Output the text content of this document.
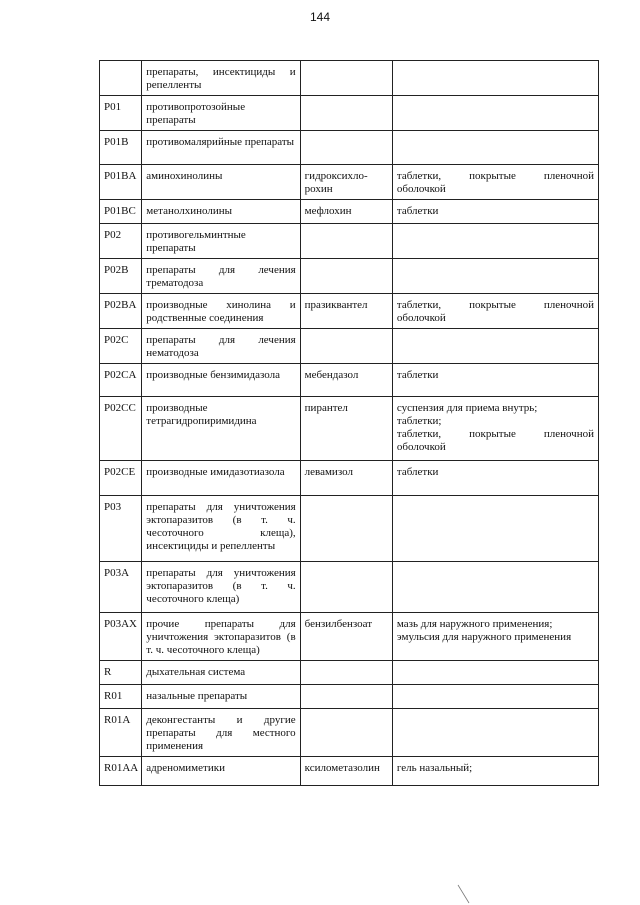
144
	препараты, инсектициды и репелленты		
P01	противопротозойные препараты		
P01B	противомалярийные препараты		
P01BA	аминохинолины	гидроксихло-рохин	таблетки, покрытые пленочной оболочкой

P01BC	метанолхинолины	мефлохин	таблетки

P02	противогельминтные препараты		
P02B	препараты для лечения трематодоза		
P02BA	производные хинолина и родственные соединения	празиквантел	таблетки, покрытые пленочной оболочкой

P02C	препараты для лечения нематодоза		
P02CA	производные бензимидазола	мебендазол	таблетки

P02CC	производные тетрагидропиримидина	пирантел	суспензия для приема внутрь;
таблетки;
таблетки, покрытые пленочной оболочкой

P02CE	производные имидазотиазола	левамизол	таблетки

P03	препараты для уничтожения эктопаразитов (в т. ч. чесоточного клеща), инсектициды и репелленты		
P03A	препараты для уничтожения эктопаразитов (в т. ч. чесоточного клеща)		
P03AX	прочие препараты для уничтожения эктопаразитов (в т. ч. чесоточного клеща)	бензилбензоат	мазь для наружного применения;
эмульсия для наружного применения

R	дыхательная система		
R01	назальные препараты		
R01A	деконгестанты и другие препараты для местного применения		
R01AA	адреномиметики	ксилометазолин	гель назальный;
